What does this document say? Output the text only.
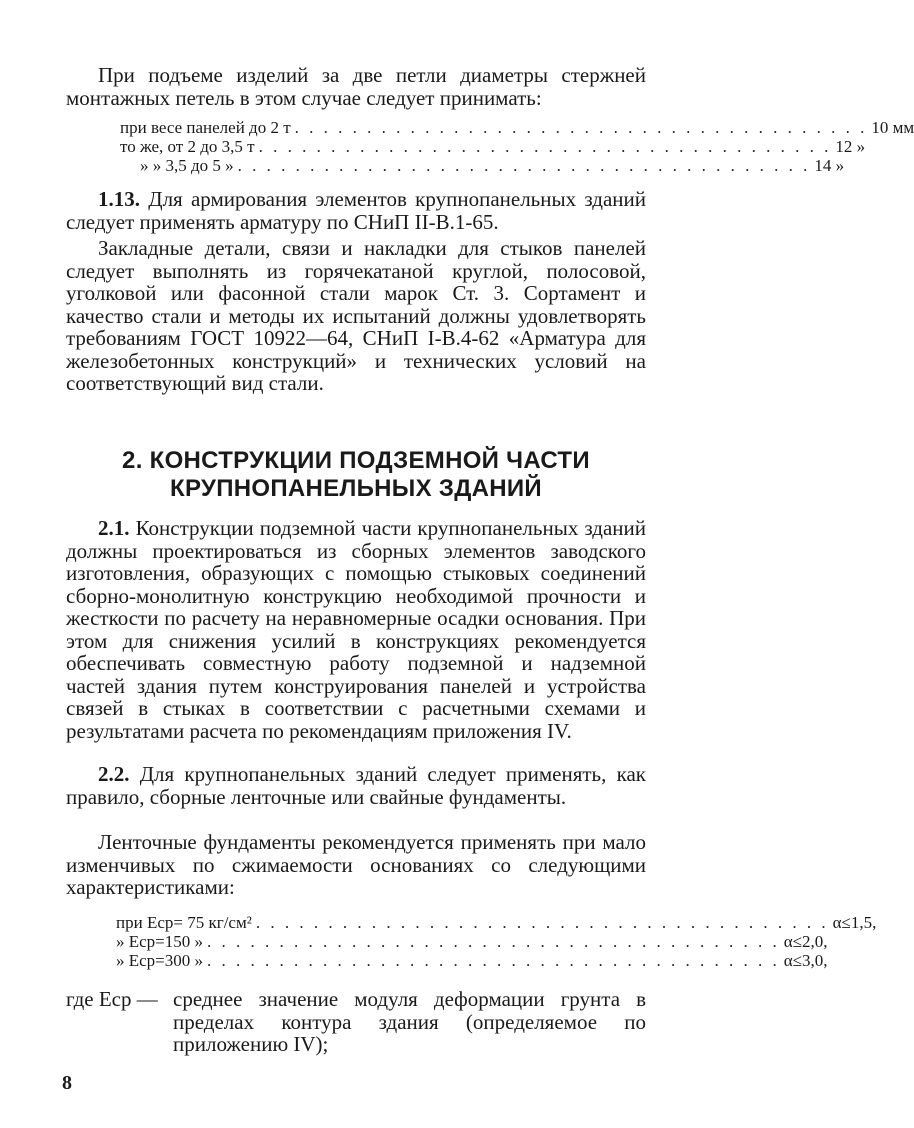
При подъеме изделий за две петли диаметры стержней монтажных петель в этом случае следует принимать:

при весе панелей до 2 т . . . . . . . . . . . . . . . . . . . . . . . . . . . . . . . . . . . . . . . . 10 мм
то же, от 2 до 3,5 т . . . . . . . . . . . . . . . . . . . . . . . . . . . . . . . . . . . . . . . . 12 »
» » 3,5 до 5 » . . . . . . . . . . . . . . . . . . . . . . . . . . . . . . . . . . . . . . . . 14 »

1.13. Для армирования элементов крупнопанельных зданий следует применять арматуру по СНиП II-В.1-65.

Закладные детали, связи и накладки для стыков панелей следует выполнять из горячекатаной круглой, полосовой, уголковой или фасонной стали марок Ст. 3. Сортамент и качество стали и методы их испытаний должны удовлетворять требованиям ГОСТ 10922—64, СНиП I-В.4-62 «Арматура для железобетонных конструкций» и технических условий на соответствующий вид стали.

2. КОНСТРУКЦИИ ПОДЗЕМНОЙ ЧАСТИ
КРУПНОПАНЕЛЬНЫХ ЗДАНИЙ

2.1. Конструкции подземной части крупнопанельных зданий должны проектироваться из сборных элементов заводского изготовления, образующих с помощью стыковых соединений сборно-монолитную конструкцию необходимой прочности и жесткости по расчету на неравномерные осадки основания. При этом для снижения усилий в конструкциях рекомендуется обеспечивать совместную работу подземной и надземной частей здания путем конструирования панелей и устройства связей в стыках в соответствии с расчетными схемами и результатами расчета по рекомендациям приложения IV.

2.2. Для крупнопанельных зданий следует применять, как правило, сборные ленточные или свайные фундаменты.

Ленточные фундаменты рекомендуется применять при мало изменчивых по сжимаемости основаниях со следующими характеристиками:

при Eср= 75 кг/см² . . . . . . . . . . . . . . . . . . . . . . . . . . . . . . . . . . . . . . . . α≤1,5,
» Eср=150 » . . . . . . . . . . . . . . . . . . . . . . . . . . . . . . . . . . . . . . . . α≤2,0,
» Eср=300 » . . . . . . . . . . . . . . . . . . . . . . . . . . . . . . . . . . . . . . . . α≤3,0,
где Eср — среднее значение модуля деформации грунта в пределах контура здания (определяемое по приложению IV);
8
